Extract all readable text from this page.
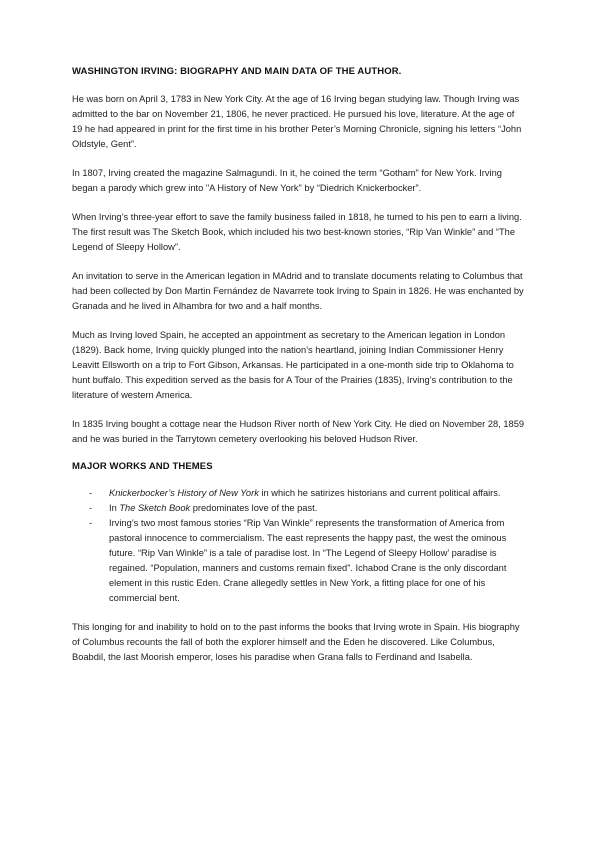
WASHINGTON IRVING: BIOGRAPHY AND MAIN DATA OF THE AUTHOR.

He was born on April 3, 1783 in New York City. At the age of 16 Irving began studying law. Though Irving was admitted to the bar on November 21, 1806, he never practiced. He pursued his love, literature. At the age of 19 he had appeared in print for the first time in his brother Peter’s Morning Chronicle, signing his letters “John Oldstyle, Gent”.

In 1807, Irving created the magazine Salmagundi. In it, he coined the term “Gotham” for New York. Irving began a parody which grew into "A History of New York" by “Diedrich Knickerbocker”.

When Irving’s three-year effort to save the family business failed in 1818, he turned to his pen to earn a living. The first result was The Sketch Book, which included his two best-known stories, “Rip Van Winkle” and “The Legend of Sleepy Hollow”.

An invitation to serve in the American legation in MAdrid and to translate documents relating to Columbus that had been collected by Don Martin Fernández de Navarrete took Irving to Spain in 1826. He was enchanted by Granada and he lived in Alhambra for two and a half months.

Much as Irving loved Spain, he accepted an appointment as secretary to the American legation in London (1829). Back home, Irving quickly plunged into the nation’s heartland, joining Indian Commissioner Henry Leavitt Ellsworth on a trip to Fort Gibson, Arkansas. He participated in a one-month side trip to Oklahoma to hunt buffalo. This expedition served as the basis for A Tour of the Prairies (1835), Irving’s contribution to the literature of western America.

In 1835 Irving bought a cottage near the Hudson River north of New York City. He died on November 28, 1859 and he was buried in the Tarrytown cemetery overlooking his beloved Hudson River.

MAJOR WORKS AND THEMES
- Knickerbocker’s History of New York in which he satirizes historians and current political affairs.
- In The Sketch Book predominates love of the past.
- Irving’s two most famous stories “Rip Van Winkle” represents the transformation of America from pastoral innocence to commercialism. The east represents the happy past, the west the ominous future. “Rip Van Winkle” is a tale of paradise lost. In “The Legend of Sleepy Hollow’ paradise is regained. “Population, manners and customs remain fixed”. Ichabod Crane is the only discordant element in this rustic Eden. Crane allegedly settles in New York, a fitting place for one of his commercial bent.

This longing for and inability to hold on to the past informs the books that Irving wrote in Spain. His biography of Columbus recounts the fall of both the explorer himself and the Eden he discovered. Like Columbus, Boabdil, the last Moorish emperor, loses his paradise when Grana falls to Ferdinand and Isabella.
